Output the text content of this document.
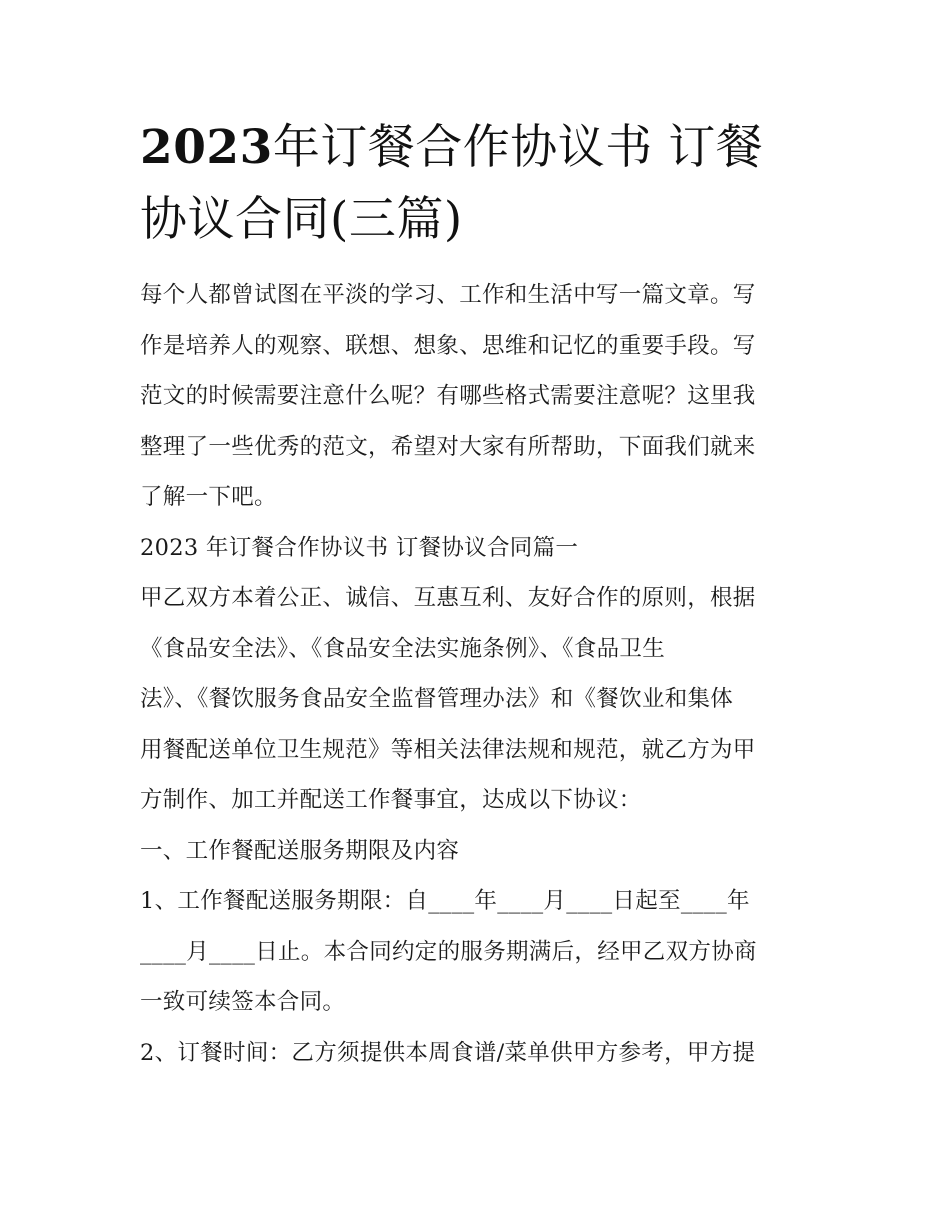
2023年订餐合作协议书 订餐
协议合同(三篇)

每个人都曾试图在平淡的学习、工作和生活中写一篇文章。写
作是培养人的观察、联想、想象、思维和记忆的重要手段。写
范文的时候需要注意什么呢？有哪些格式需要注意呢？这里我
整理了一些优秀的范文，希望对大家有所帮助，下面我们就来
了解一下吧。

2023 年订餐合作协议书 订餐协议合同篇一

甲乙双方本着公正、诚信、互惠互利、友好合作的原则，根据
《食品安全法》、《食品安全法实施条例》、《食品卫生
法》、《餐饮服务食品安全监督管理办法》和《餐饮业和集体
用餐配送单位卫生规范》等相关法律法规和规范，就乙方为甲
方制作、加工并配送工作餐事宜，达成以下协议：

一、工作餐配送服务期限及内容

1、工作餐配送服务期限：自____年____月____日起至____年
____月____日止。本合同约定的服务期满后，经甲乙双方协商
一致可续签本合同。

2、订餐时间：乙方须提供本周食谱/菜单供甲方参考，甲方提
